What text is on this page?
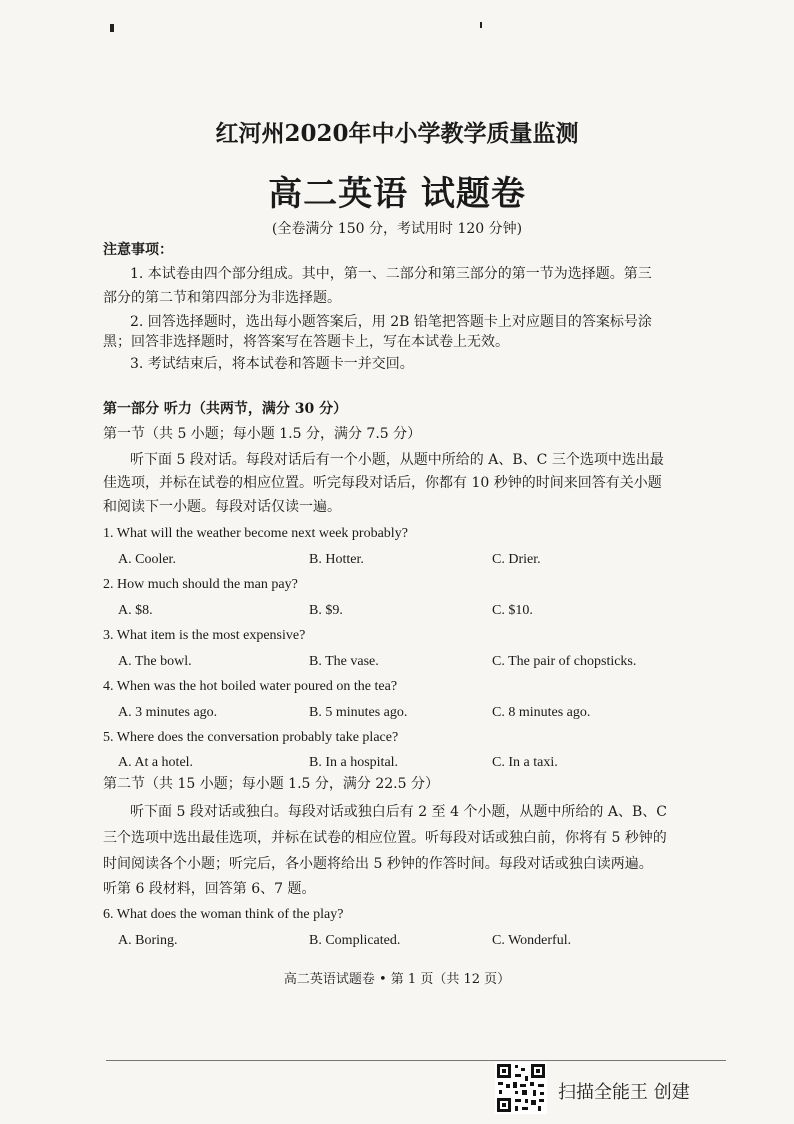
红河州2020年中小学教学质量监测
高二英语 试题卷
(全卷满分 150 分，考试用时 120 分钟)
注意事项：
1. 本试卷由四个部分组成。其中，第一、二部分和第三部分的第一节为选择题。第三
部分的第二节和第四部分为非选择题。
2. 回答选择题时，选出每小题答案后，用 2B 铅笔把答题卡上对应题目的答案标号涂
黑；回答非选择题时，将答案写在答题卡上，写在本试卷上无效。
3. 考试结束后，将本试卷和答题卡一并交回。
第一部分 听力（共两节，满分 30 分）
第一节（共 5 小题；每小题 1.5 分，满分 7.5 分）
听下面 5 段对话。每段对话后有一个小题，从题中所给的 A、B、C 三个选项中选出最
佳选项，并标在试卷的相应位置。听完每段对话后，你都有 10 秒钟的时间来回答有关小题
和阅读下一小题。每段对话仅读一遍。
1. What will the weather become next week probably?
A. Cooler.	B. Hotter.	C. Drier.
2. How much should the man pay?
A. $8.	B. $9.	C. $10.
3. What item is the most expensive?
A. The bowl.	B. The vase.	C. The pair of chopsticks.
4. When was the hot boiled water poured on the tea?
A. 3 minutes ago.	B. 5 minutes ago.	C. 8 minutes ago.
5. Where does the conversation probably take place?
A. At a hotel.	B. In a hospital.	C. In a taxi.
第二节（共 15 小题；每小题 1.5 分，满分 22.5 分）
听下面 5 段对话或独白。每段对话或独白后有 2 至 4 个小题，从题中所给的 A、B、C
三个选项中选出最佳选项，并标在试卷的相应位置。听每段对话或独白前，你将有 5 秒钟的
时间阅读各个小题；听完后，各小题将给出 5 秒钟的作答时间。每段对话或独白读两遍。
听第 6 段材料，回答第 6、7 题。
6. What does the woman think of the play?
A. Boring.	B. Complicated.	C. Wonderful.
高二英语试题卷 • 第 1 页（共 12 页）
扫描全能王 创建
